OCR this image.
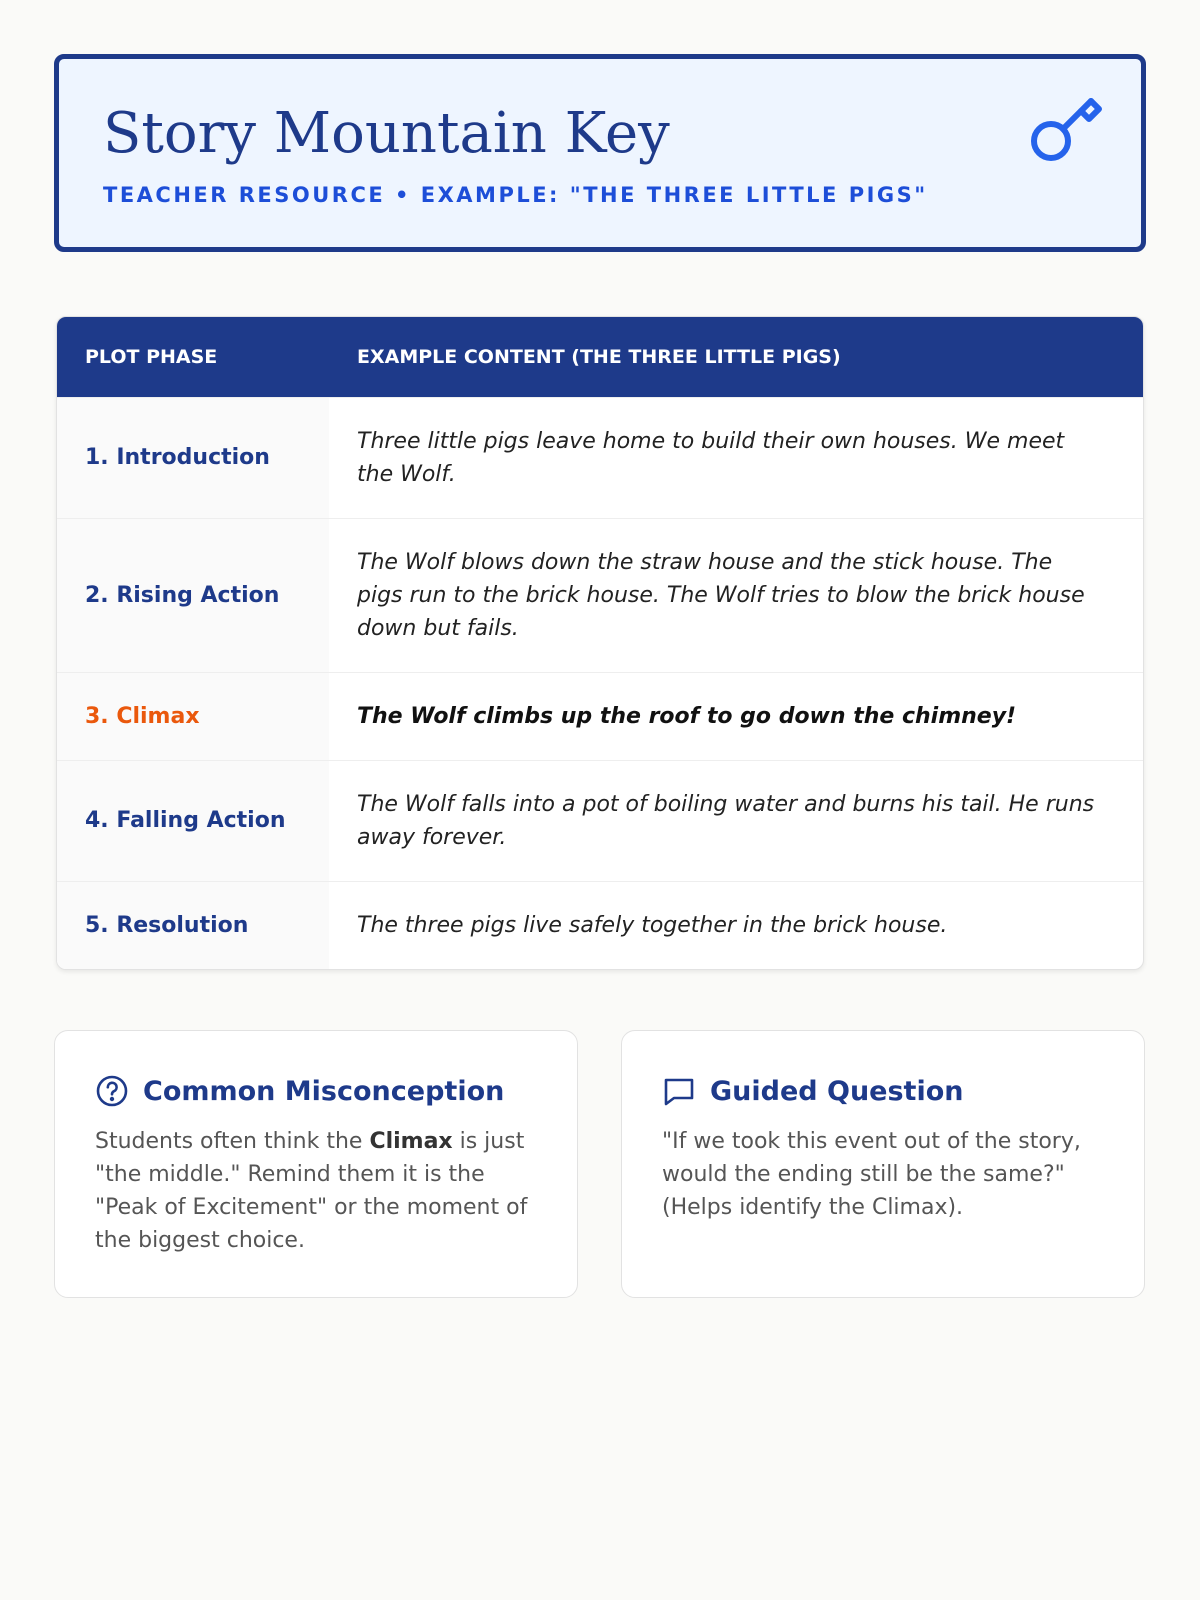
Story Mountain Key
TEACHER RESOURCE • EXAMPLE: "THE THREE LITTLE PIGS"
PLOT PHASE	EXAMPLE CONTENT (THE THREE LITTLE PIGS)
1. Introduction	Three little pigs leave home to build their own houses. We meet the Wolf.
2. Rising Action	The Wolf blows down the straw house and the stick house. The pigs run to the brick house. The Wolf tries to blow the brick house down but fails.
3. Climax	The Wolf climbs up the roof to go down the chimney!
4. Falling Action	The Wolf falls into a pot of boiling water and burns his tail. He runs away forever.
5. Resolution	The three pigs live safely together in the brick house.
Common Misconception

Students often think the Climax is just "the middle." Remind them it is the "Peak of Excitement" or the moment of the biggest choice.

Guided Question

"If we took this event out of the story, would the ending still be the same?" (Helps identify the Climax).
